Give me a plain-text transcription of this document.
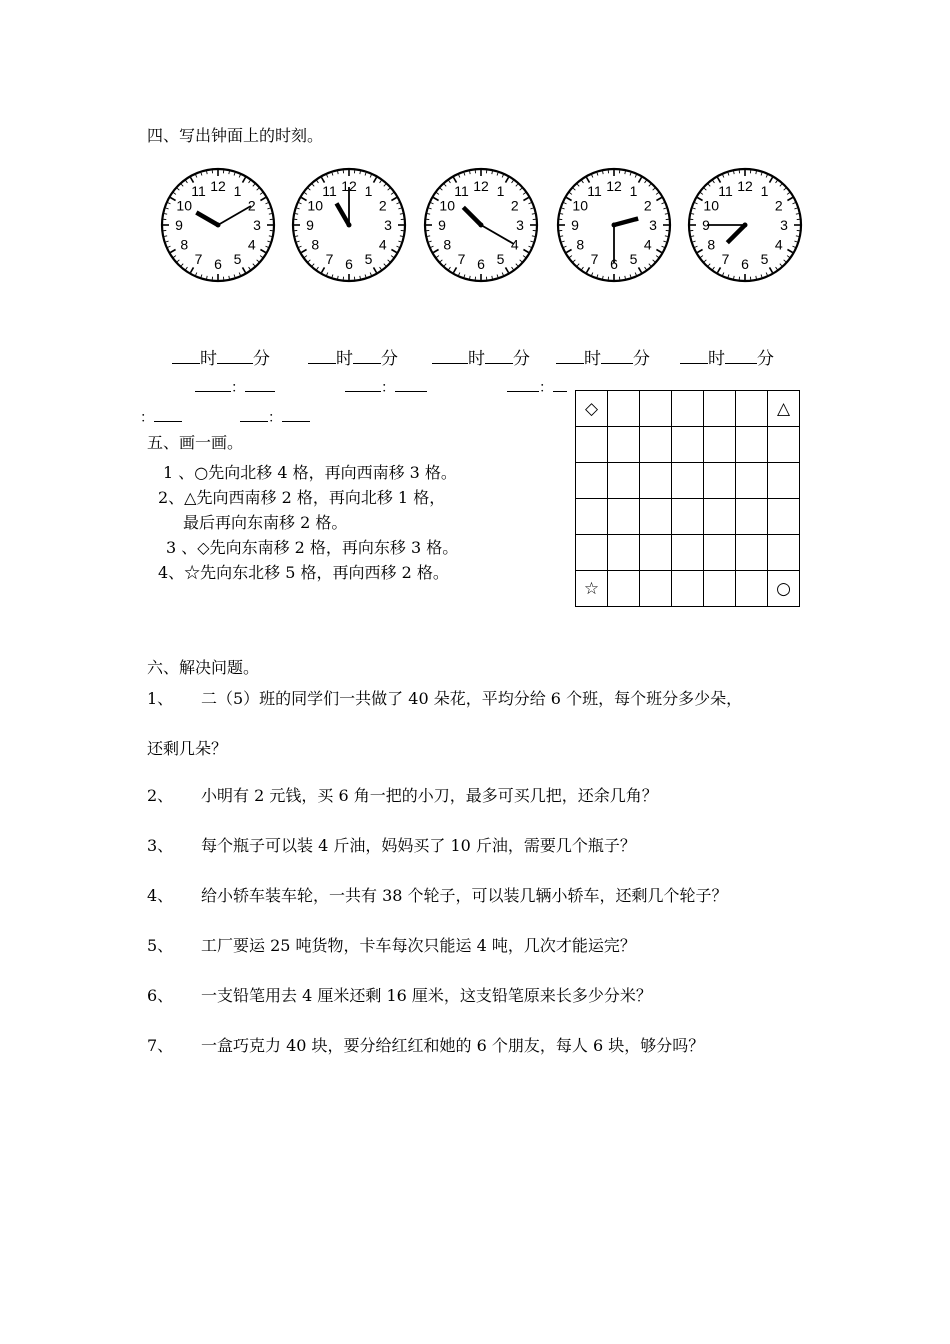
四、写出钟面上的时刻。
1
2
3
4
5
6
7
8
9
10
11 12	1
2
3
4
5
6
7
8
9
10
11 12	1
2
3
4
5
6
7
8
9
10
11 12	1
2
3
4
5
6
7
8
9
10
11 12	1
2
3
4
5
6
7
8
9
10
11 12
时 分	时 分	时 分	时 分	时 分
：	：	：
：	：
五、画一画。
1 、○先向北移 4 格，再向西南移 3 格。
2、△先向西南移 2 格，再向北移 1 格，
最后再向东南移 2 格。
3 、◇先向东南移 2 格，再向东移 3 格。
4、☆先向东北移 5 格，再向西移 2 格。
◇						△

☆						○
六、解决问题。
1、 二（5）班的同学们一共做了 40 朵花，平均分给 6 个班，每个班分多少朵，
还剩几朵？
2、 小明有 2 元钱，买 6 角一把的小刀，最多可买几把，还余几角？
3、 每个瓶子可以装 4 斤油，妈妈买了 10 斤油，需要几个瓶子？
4、 给小轿车装车轮，一共有 38 个轮子，可以装几辆小轿车，还剩几个轮子？
5、 工厂要运 25 吨货物，卡车每次只能运 4 吨，几次才能运完？
6、 一支铅笔用去 4 厘米还剩 16 厘米，这支铅笔原来长多少分米？
7、 一盒巧克力 40 块，要分给红红和她的 6 个朋友，每人 6 块，够分吗？
